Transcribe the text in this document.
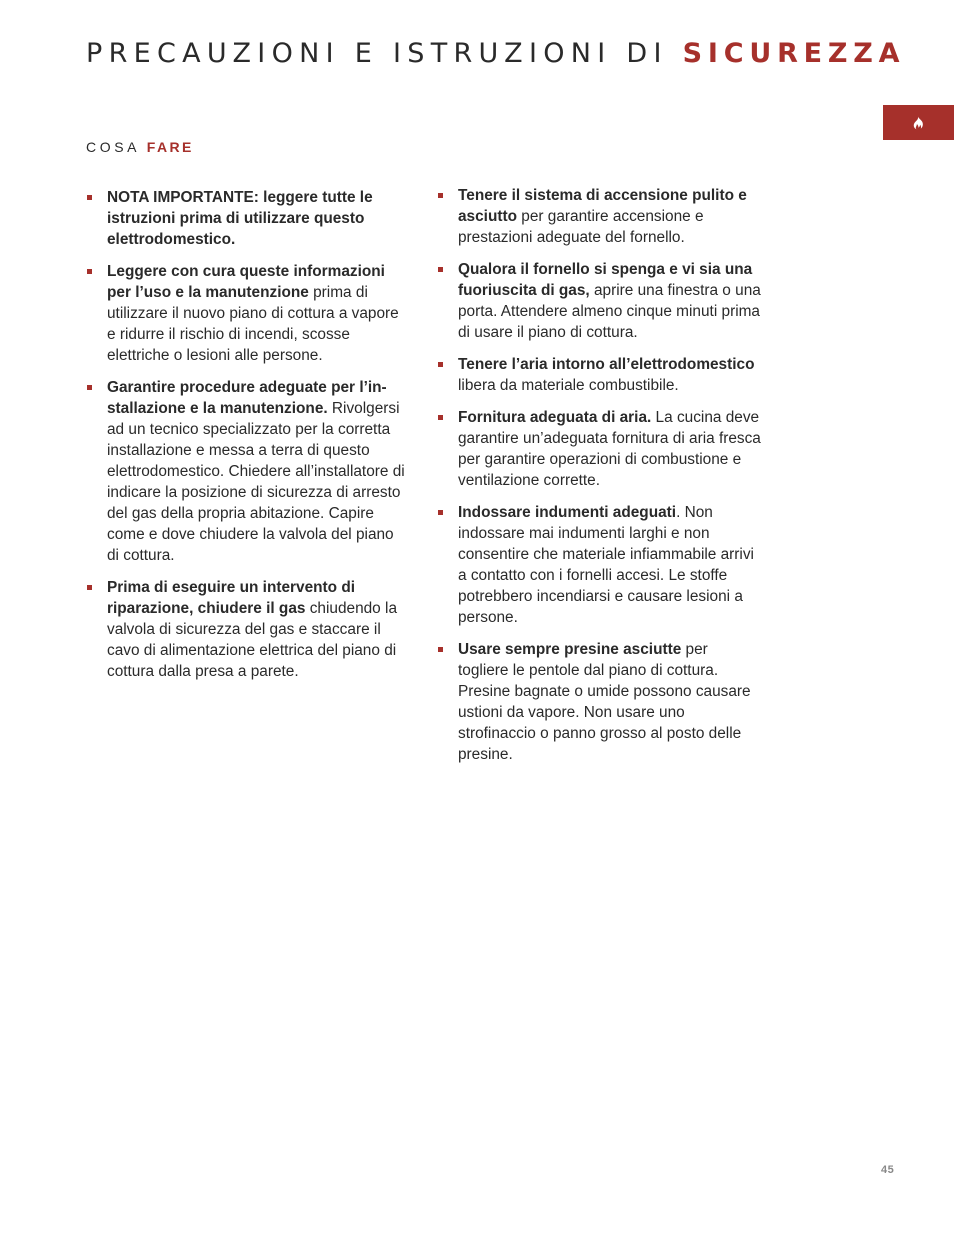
PRECAUZIONI E ISTRUZIONI DI SICUREZZA
COSA FARE
NOTA IMPORTANTE: leggere tutte le istruzioni prima di utilizzare questo elettrodomestico.
Leggere con cura queste informazioni per l’uso e la manutenzione prima di utilizzare il nuovo piano di cottura a vapore e ridurre il rischio di incendi, scosse elettriche o lesioni alle persone.
Garantire procedure adeguate per l’installazione e la manutenzione. Rivolgersi ad un tecnico specializzato per la corretta installazione e messa a terra di questo elettrodomestico. Chiedere all’installatore di indicare la posizione di sicurezza di arresto del gas della propria abitazione. Capire come e dove chiudere la valvola del piano di cottura.
Prima di eseguire un intervento di riparazione, chiudere il gas chiudendo la valvola di sicurezza del gas e staccare il cavo di alimentazione elettrica del piano di cottura dalla presa a parete.
Tenere il sistema di accensione pulito e asciutto per garantire accensione e prestazioni adeguate del fornello.
Qualora il fornello si spenga e vi sia una fuoriuscita di gas, aprire una finestra o una porta. Attendere almeno cinque minuti prima di usare il piano di cottura.
Tenere l’aria intorno all’elettrodomestico libera da materiale combustibile.
Fornitura adeguata di aria. La cucina deve garantire un’adeguata fornitura di aria fresca per garantire operazioni di combustione e ventilazione corrette.
Indossare indumenti adeguati. Non indossare mai indumenti larghi e non consentire che materiale infiammabile arrivi a contatto con i fornelli accesi. Le stoffe potrebbero incendiarsi e causare lesioni a persone.
Usare sempre presine asciutte per togliere le pentole dal piano di cottura. Presine bagnate o umide possono causare ustioni da vapore. Non usare uno strofinaccio o panno grosso al posto delle presine.
45
